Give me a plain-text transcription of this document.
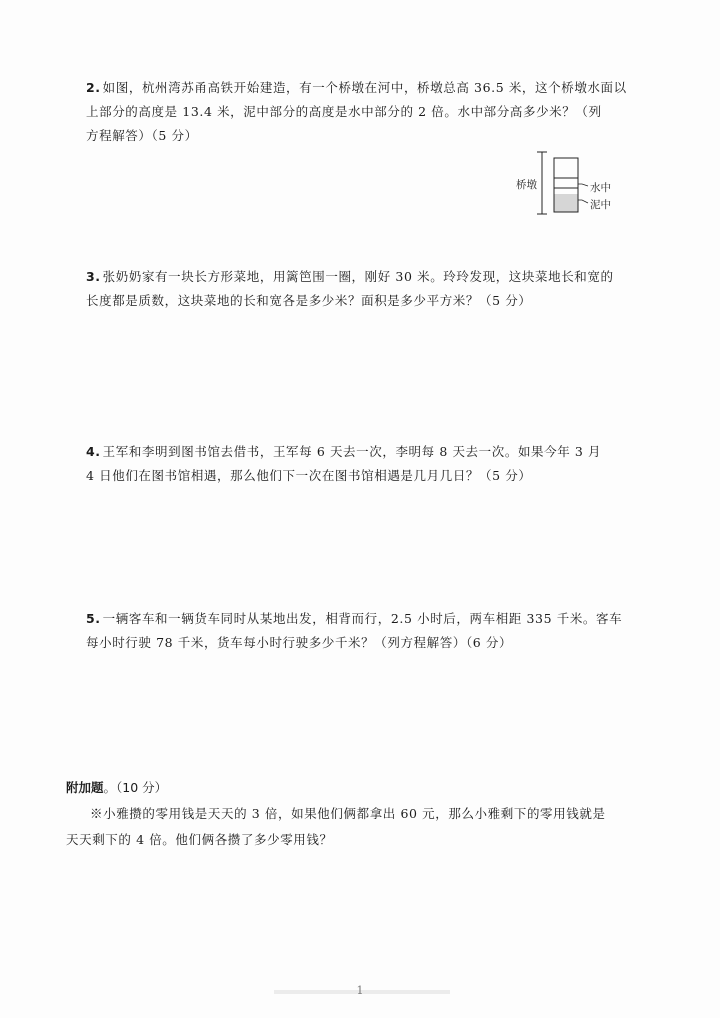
2. 如图，杭州湾苏甬高铁开始建造，有一个桥墩在河中，桥墩总高 36.5 米，这个桥墩水面以
上部分的高度是 13.4 米，泥中部分的高度是水中部分的 2 倍。水中部分高多少米？（列
方程解答）（5 分）
桥墩	水中
泥中
3. 张奶奶家有一块长方形菜地，用篱笆围一圈，刚好 30 米。玲玲发现，这块菜地长和宽的
长度都是质数，这块菜地的长和宽各是多少米？面积是多少平方米？（5 分）
4. 王军和李明到图书馆去借书，王军每 6 天去一次，李明每 8 天去一次。如果今年 3 月
4 日他们在图书馆相遇，那么他们下一次在图书馆相遇是几月几日？（5 分）
5. 一辆客车和一辆货车同时从某地出发，相背而行，2.5 小时后，两车相距 335 千米。客车
每小时行驶 78 千米，货车每小时行驶多少千米？（列方程解答）（6 分）
附加题。（10 分）
※小雅攒的零用钱是天天的 3 倍，如果他们俩都拿出 60 元，那么小雅剩下的零用钱就是
天天剩下的 4 倍。他们俩各攒了多少零用钱？
1
